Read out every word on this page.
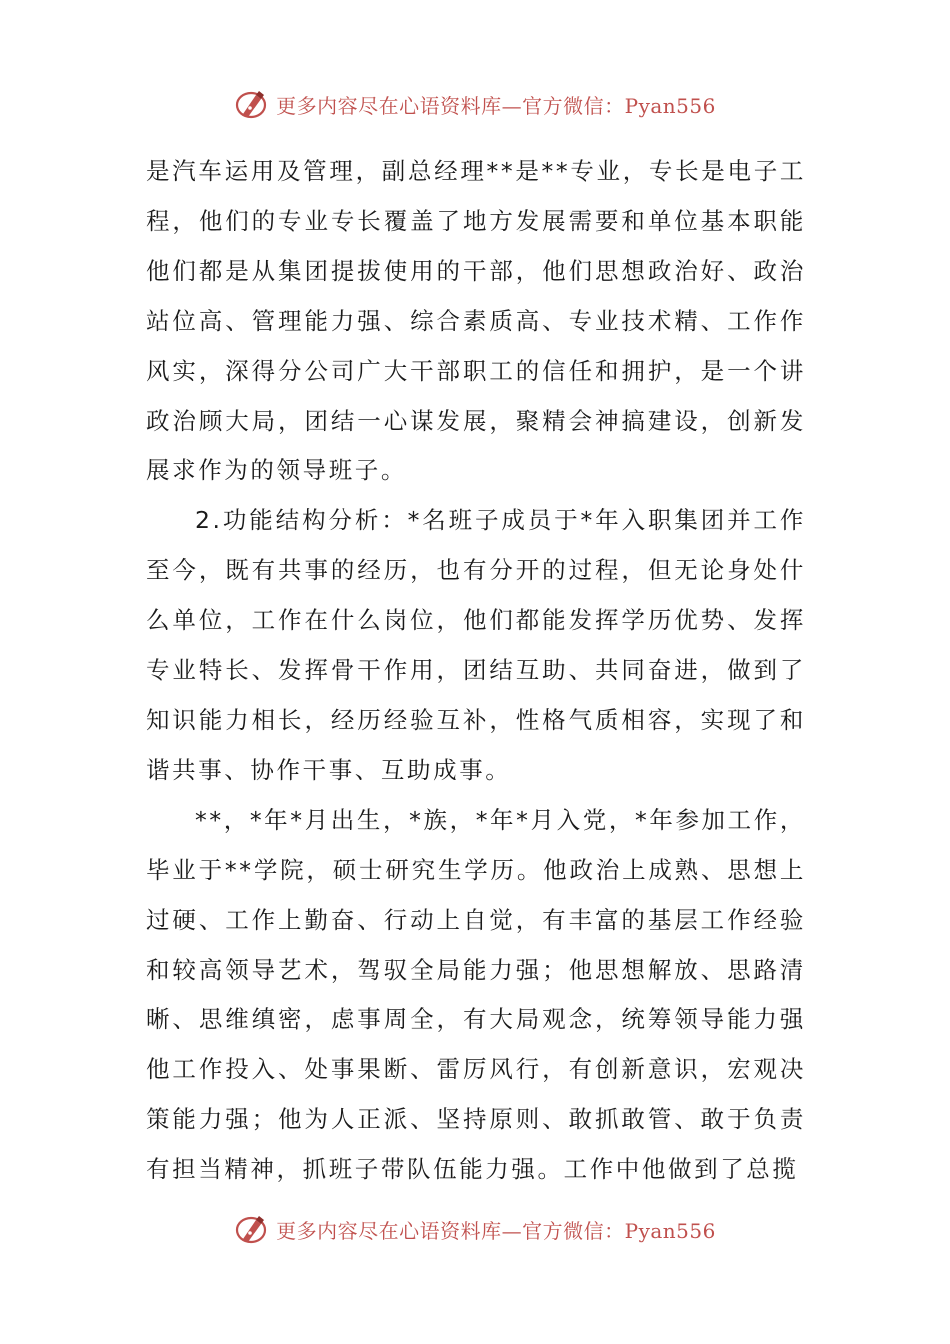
更多内容尽在心语资料库—官方微信：Pyan556

是汽车运用及管理，副总经理**是**专业，专长是电子工程，他们的专业专长覆盖了地方发展需要和单位基本职能他们都是从集团提拔使用的干部，他们思想政治好、政治站位高、管理能力强、综合素质高、专业技术精、工作作风实，深得分公司广大干部职工的信任和拥护，是一个讲政治顾大局，团结一心谋发展，聚精会神搞建设，创新发展求作为的领导班子。

2.功能结构分析：*名班子成员于*年入职集团并工作至今，既有共事的经历，也有分开的过程，但无论身处什么单位，工作在什么岗位，他们都能发挥学历优势、发挥专业特长、发挥骨干作用，团结互助、共同奋进，做到了知识能力相长，经历经验互补，性格气质相容，实现了和谐共事、协作干事、互助成事。

**，*年*月出生，*族，*年*月入党，*年参加工作，毕业于**学院，硕士研究生学历。他政治上成熟、思想上过硬、工作上勤奋、行动上自觉，有丰富的基层工作经验和较高领导艺术，驾驭全局能力强；他思想解放、思路清晰、思维缜密，虑事周全，有大局观念，统筹领导能力强他工作投入、处事果断、雷厉风行，有创新意识，宏观决策能力强；他为人正派、坚持原则、敢抓敢管、敢于负责有担当精神，抓班子带队伍能力强。工作中他做到了总揽

更多内容尽在心语资料库—官方微信：Pyan556
